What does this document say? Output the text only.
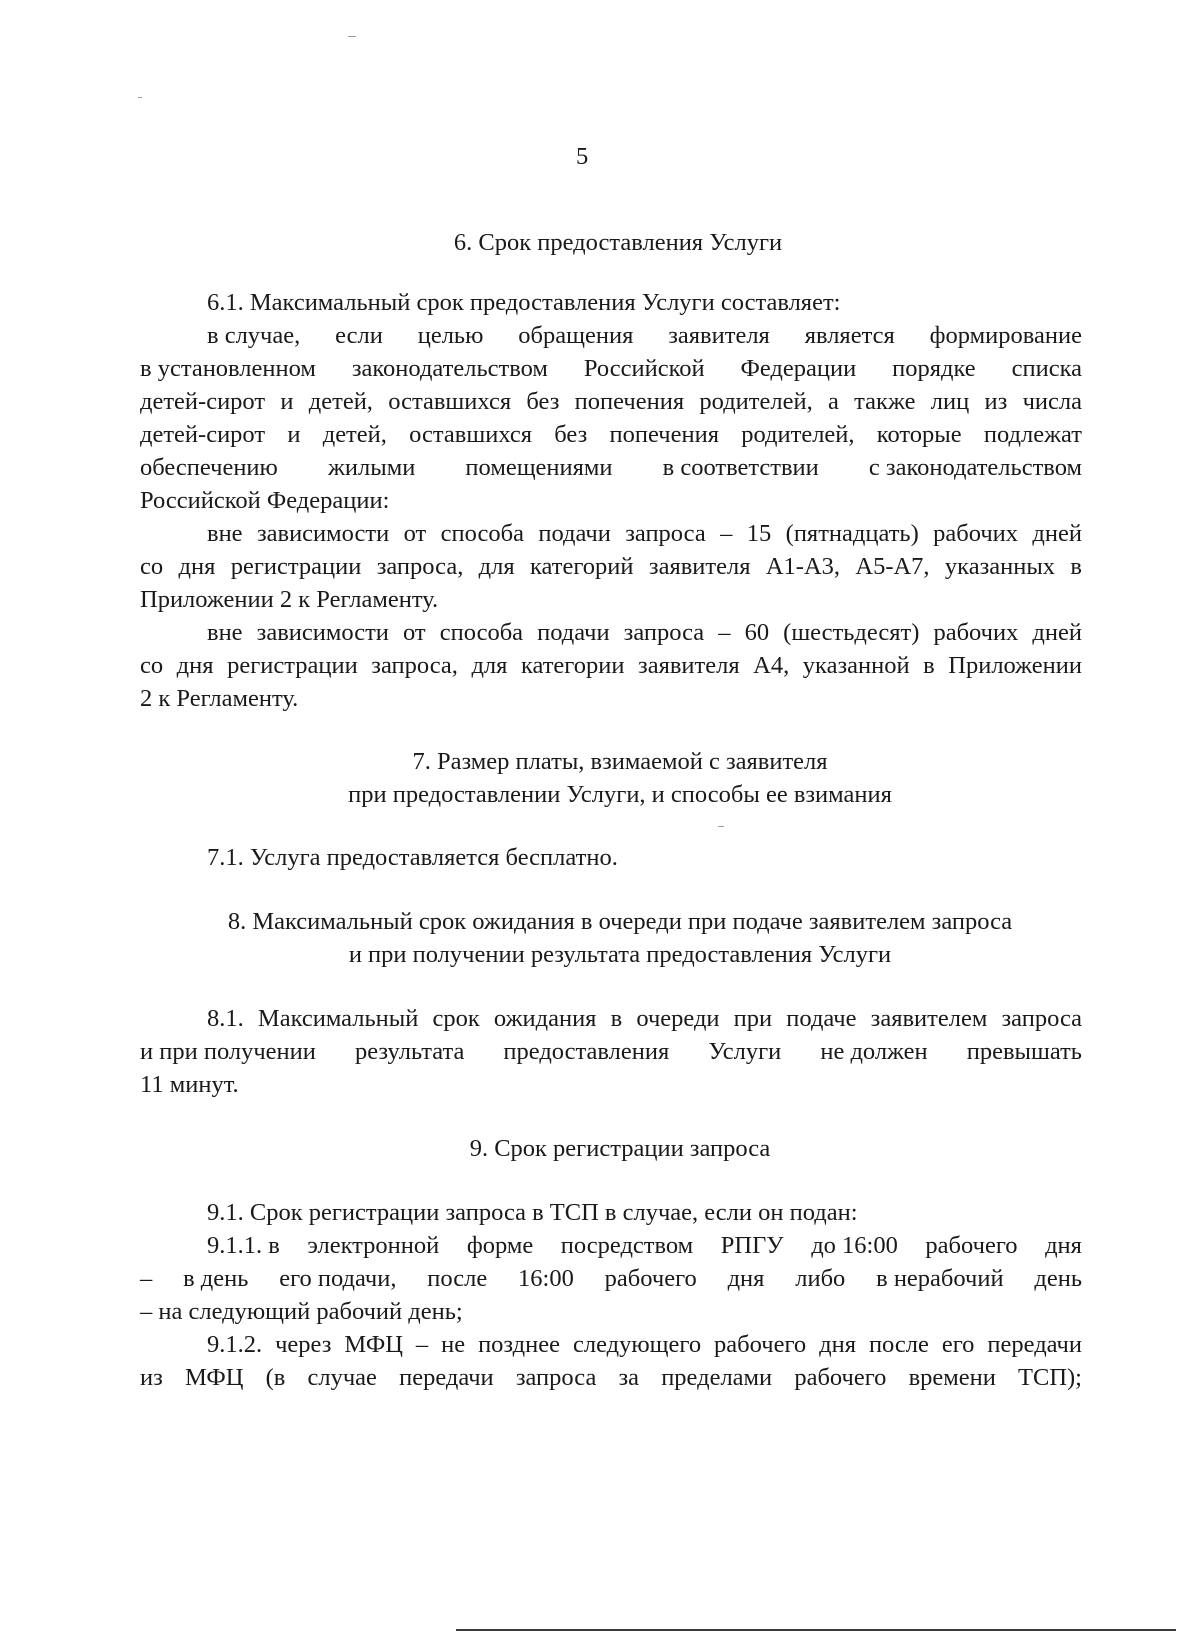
5
6. Срок предоставления Услуги
6.1. Максимальный срок предоставления Услуги составляет:
в случае, если целью обращения заявителя является формирование
в установленном законодательством Российской Федерации порядке списка
детей-сирот и детей, оставшихся без попечения родителей, а также лиц из числа
детей-сирот и детей, оставшихся без попечения родителей, которые подлежат
обеспечению жилыми помещениями в соответствии с законодательством
Российской Федерации:
вне зависимости от способа подачи запроса – 15 (пятнадцать) рабочих дней
со дня регистрации запроса, для категорий заявителя А1-А3, А5-А7, указанных в
Приложении 2 к Регламенту.
вне зависимости от способа подачи запроса – 60 (шестьдесят) рабочих дней
со дня регистрации запроса, для категории заявителя А4, указанной в Приложении
2 к Регламенту.
7. Размер платы, взимаемой с заявителя
при предоставлении Услуги, и способы ее взимания
7.1. Услуга предоставляется бесплатно.
8. Максимальный срок ожидания в очереди при подаче заявителем запроса
и при получении результата предоставления Услуги
8.1. Максимальный срок ожидания в очереди при подаче заявителем запроса
и при получении результата предоставления Услуги не должен превышать
11 минут.
9. Срок регистрации запроса
9.1. Срок регистрации запроса в ТСП в случае, если он подан:
9.1.1. в электронной форме посредством РПГУ до 16:00 рабочего дня
– в день его подачи, после 16:00 рабочего дня либо в нерабочий день
– на следующий рабочий день;
9.1.2. через МФЦ – не позднее следующего рабочего дня после его передачи
из МФЦ (в случае передачи запроса за пределами рабочего времени ТСП);
